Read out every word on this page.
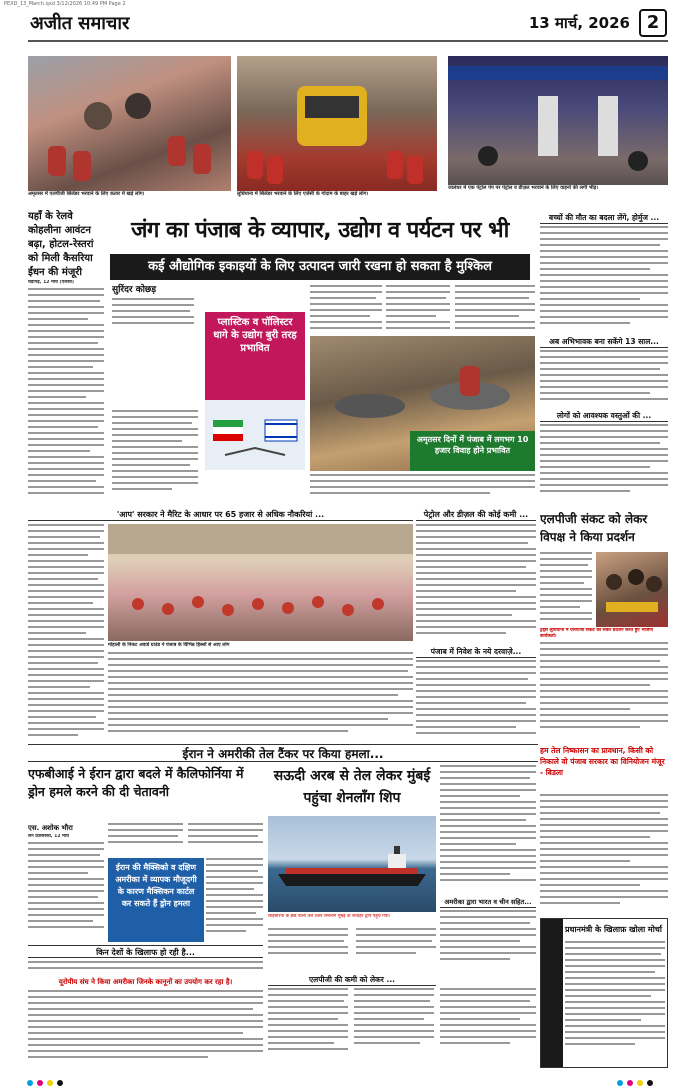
PEXD_13_March.qxd 3/12/2026 10:49 PM Page 2
अजीत समाचार	13 मार्च, 2026 2
अमृतसर में एलपीजी सिलेंडर भरवाने के लिए कतार में खड़े लोग।	लुधियाना में सिलेंडर भरवाने के लिए एजेंसी के गोदाम के बाहर खड़े लोग।
जालंधर में एक पेट्रोल पंप पर पेट्रोल व डीज़ल भरवाने के लिए वाहनों की लगी भीड़।
यहाँ के रेलवे कोहलीना आवंटन बढ़ा, होटल-रेस्तरां को मिली कैसरिया ईंधन की मंजूरी
चंडीगढ़, 12 मार्च (एजेंसी)
जंग का पंजाब के व्यापार, उद्योग व पर्यटन पर भी
कई औद्योगिक इकाइयों के लिए उत्पादन जारी रखना हो सकता है मुश्किल
सुरिंदर कोछड़
प्लास्टिक व पॉलिस्टर धागे के उद्योग बुरी तरह प्रभावित
अमृतसर दिनों में पंजाब में लगभग 10 हजार विवाह होने प्रभावित
बच्चों की मौत का बदला लेंगे, होर्मुज ...
अब अभिभावक बना सकेंगे 13 साल...
लोगों को आवश्यक वस्तुओं की ...
एलपीजी संकट को लेकर विपक्ष ने किया प्रदर्शन
ट्रेड्स लुधियाना में एलपीजी संकट को लेकर प्रदर्शन करते हुए भाजपा कार्यकर्ता।
'आप' सरकार ने मैरिट के आधार पर 65 हजार से अधिक नौकरियां ...
मोहाली के निकट अवार्ड ग्राउंड ने पंजाब के विभिन्न हिस्सों से आए लोग
पेट्रोल और डीज़ल की कोई कमी ...
पंजाब में निवेश के नये दरवाज़े...
ईरान ने अमरीकी तेल टैंकर पर किया हमला...
एफबीआई ने ईरान द्वारा बदले में कैलिफोर्निया में ड्रोन हमले करने की दी चेतावनी
एस. अशोक भौरा
सैन फ्रांसिस्को, 12 मार्च
ईरान की मैक्सिको व दक्षिण अमरीका में व्यापक मौजूदगी के कारण मैक्सिकन कार्टल कर सकते हैं ड्रोन हमला
सऊदी अरब से तेल लेकर मुंबई पहुंचा शेनलाँग शिप
लाइबेरिया के झंडे वाला तेल टैंकर शेनलाँग मुंबई के जवाहर द्वीप पहुंच गया।
अमरीका द्वारा भारत व चीन सहित...
हम तेल निष्कासन का प्रावधान, किसी को निकाले वो पंजाब सरकार का विनियोजन मंजूर - बिडला
किन देशों के खिलाफ हो रही है...
यूरोपीय संघ ने किया अमरीका जिनके कानूनों का उपयोग कर रहा है।	एलपीजी की कमी को लेकर ...
प्रधानमंत्री के खिलाफ़ खोला मोर्चा
